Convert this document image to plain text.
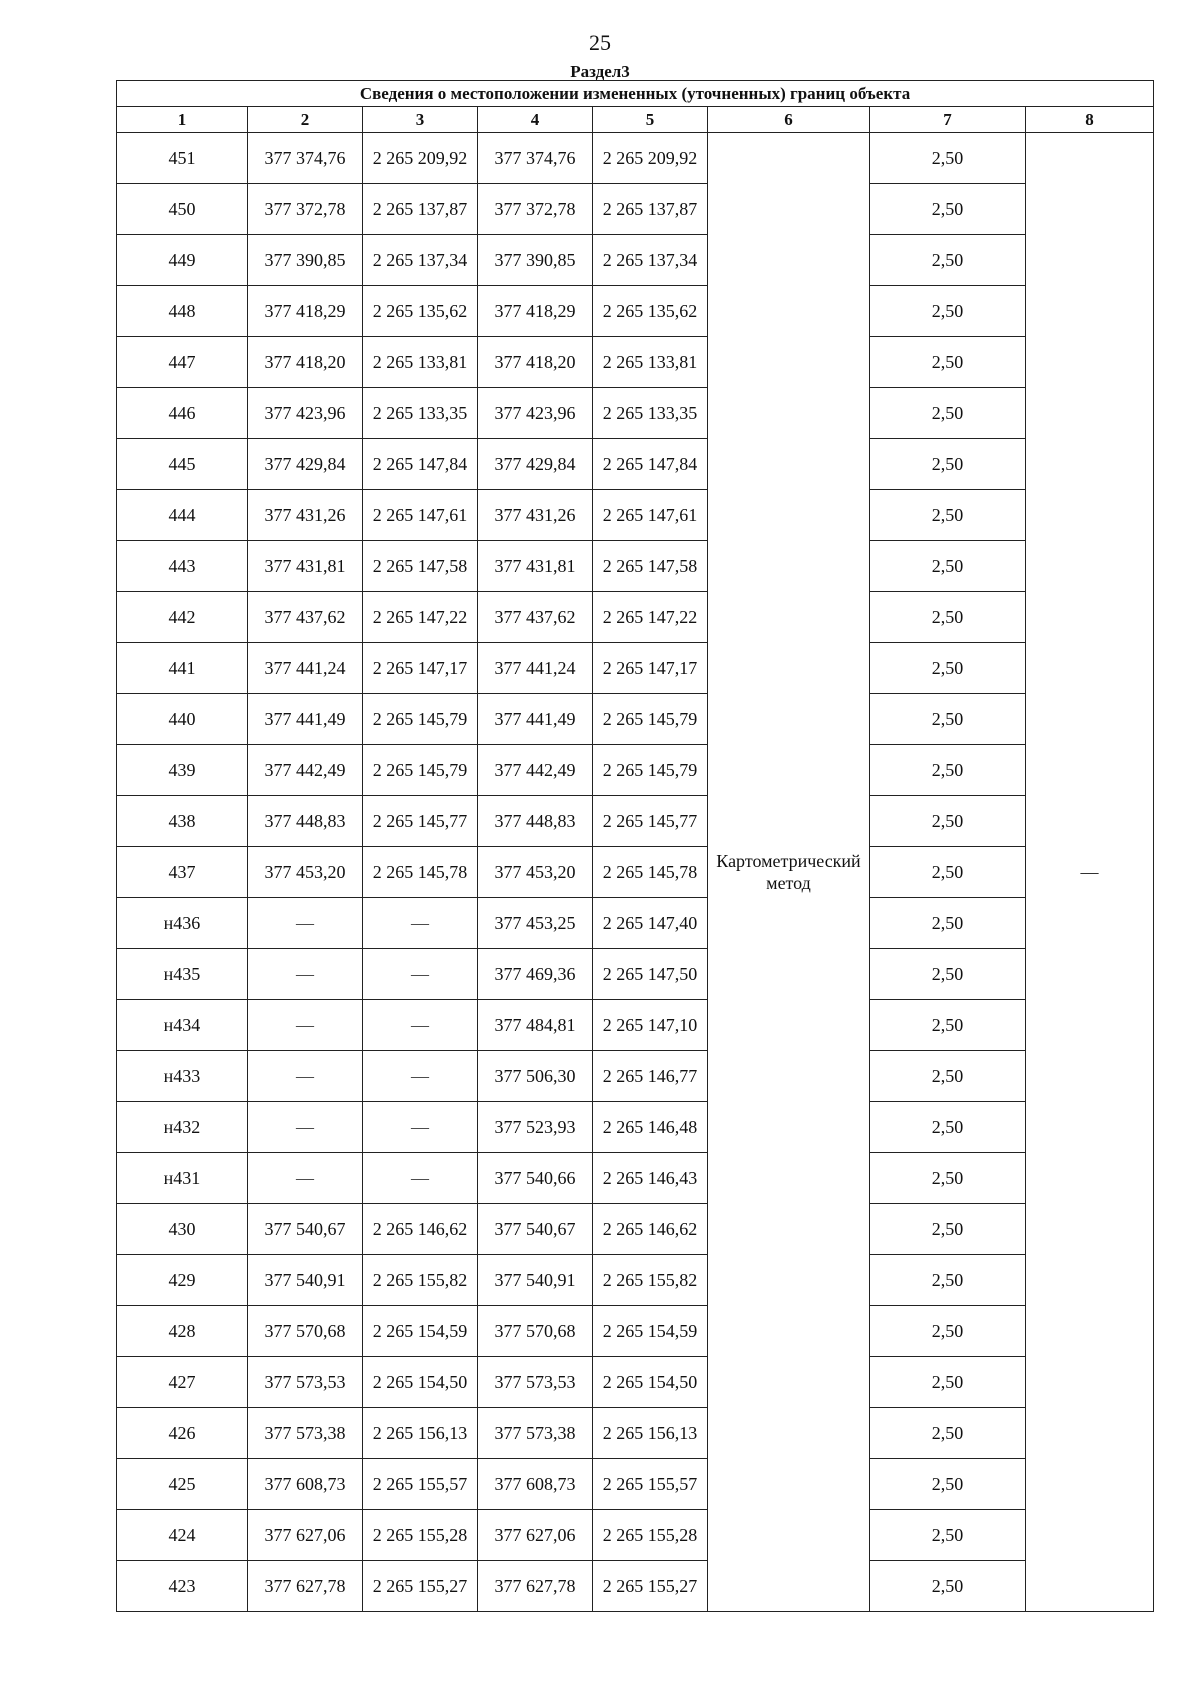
25
Раздел3
Сведения о местоположении измененных (уточненных) границ объекта							
1	2	3	4	5	6	7	8
451	377 374,76	2 265 209,92	377 374,76	2 265 209,92	Картометрический метод	2,50	—
450	377 372,78	2 265 137,87	377 372,78	2 265 137,87		2,50	
449	377 390,85	2 265 137,34	377 390,85	2 265 137,34		2,50	
448	377 418,29	2 265 135,62	377 418,29	2 265 135,62		2,50	
447	377 418,20	2 265 133,81	377 418,20	2 265 133,81		2,50	
446	377 423,96	2 265 133,35	377 423,96	2 265 133,35		2,50	
445	377 429,84	2 265 147,84	377 429,84	2 265 147,84		2,50	
444	377 431,26	2 265 147,61	377 431,26	2 265 147,61		2,50	
443	377 431,81	2 265 147,58	377 431,81	2 265 147,58		2,50	
442	377 437,62	2 265 147,22	377 437,62	2 265 147,22		2,50	
441	377 441,24	2 265 147,17	377 441,24	2 265 147,17		2,50	
440	377 441,49	2 265 145,79	377 441,49	2 265 145,79		2,50	
439	377 442,49	2 265 145,79	377 442,49	2 265 145,79		2,50	
438	377 448,83	2 265 145,77	377 448,83	2 265 145,77		2,50	
437	377 453,20	2 265 145,78	377 453,20	2 265 145,78		2,50	
н436	—	—	377 453,25	2 265 147,40		2,50	
н435	—	—	377 469,36	2 265 147,50		2,50	
н434	—	—	377 484,81	2 265 147,10		2,50	
н433	—	—	377 506,30	2 265 146,77		2,50	
н432	—	—	377 523,93	2 265 146,48		2,50	
н431	—	—	377 540,66	2 265 146,43		2,50	
430	377 540,67	2 265 146,62	377 540,67	2 265 146,62		2,50	
429	377 540,91	2 265 155,82	377 540,91	2 265 155,82		2,50	
428	377 570,68	2 265 154,59	377 570,68	2 265 154,59		2,50	
427	377 573,53	2 265 154,50	377 573,53	2 265 154,50		2,50	
426	377 573,38	2 265 156,13	377 573,38	2 265 156,13		2,50	
425	377 608,73	2 265 155,57	377 608,73	2 265 155,57		2,50	
424	377 627,06	2 265 155,28	377 627,06	2 265 155,28		2,50	
423	377 627,78	2 265 155,27	377 627,78	2 265 155,27		2,50	
